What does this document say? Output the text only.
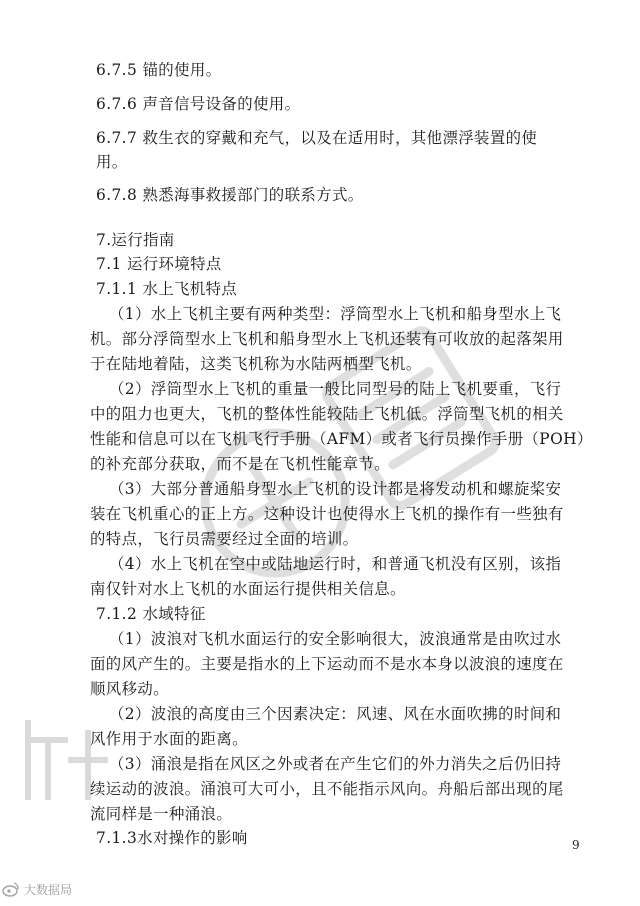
6.7.5 锚的使用。
6.7.6 声音信号设备的使用。
6.7.7 救生衣的穿戴和充气，以及在适用时，其他漂浮装置的使
用。
6.7.8 熟悉海事救援部门的联系方式。
7.运行指南
7.1 运行环境特点
7.1.1 水上飞机特点
（1）水上飞机主要有两种类型：浮筒型水上飞机和船身型水上飞
机。部分浮筒型水上飞机和船身型水上飞机还装有可收放的起落架用
于在陆地着陆，这类飞机称为水陆两栖型飞机。
（2）浮筒型水上飞机的重量一般比同型号的陆上飞机要重，飞行
中的阻力也更大，飞机的整体性能较陆上飞机低。浮筒型飞机的相关
性能和信息可以在飞机飞行手册（AFM）或者飞行员操作手册（POH）
的补充部分获取，而不是在飞机性能章节。
（3）大部分普通船身型水上飞机的设计都是将发动机和螺旋桨安
装在飞机重心的正上方。这种设计也使得水上飞机的操作有一些独有
的特点，飞行员需要经过全面的培训。
（4）水上飞机在空中或陆地运行时，和普通飞机没有区别，该指
南仅针对水上飞机的水面运行提供相关信息。
7.1.2 水域特征
（1）波浪对飞机水面运行的安全影响很大，波浪通常是由吹过水
面的风产生的。主要是指水的上下运动而不是水本身以波浪的速度在
顺风移动。
（2）波浪的高度由三个因素决定：风速、风在水面吹拂的时间和
风作用于水面的距离。
（3）涌浪是指在风区之外或者在产生它们的外力消失之后仍旧持
续运动的波浪。涌浪可大可小，且不能指示风向。舟船后部出现的尾
流同样是一种涌浪。
7.1.3水对操作的影响	9
大数据局
